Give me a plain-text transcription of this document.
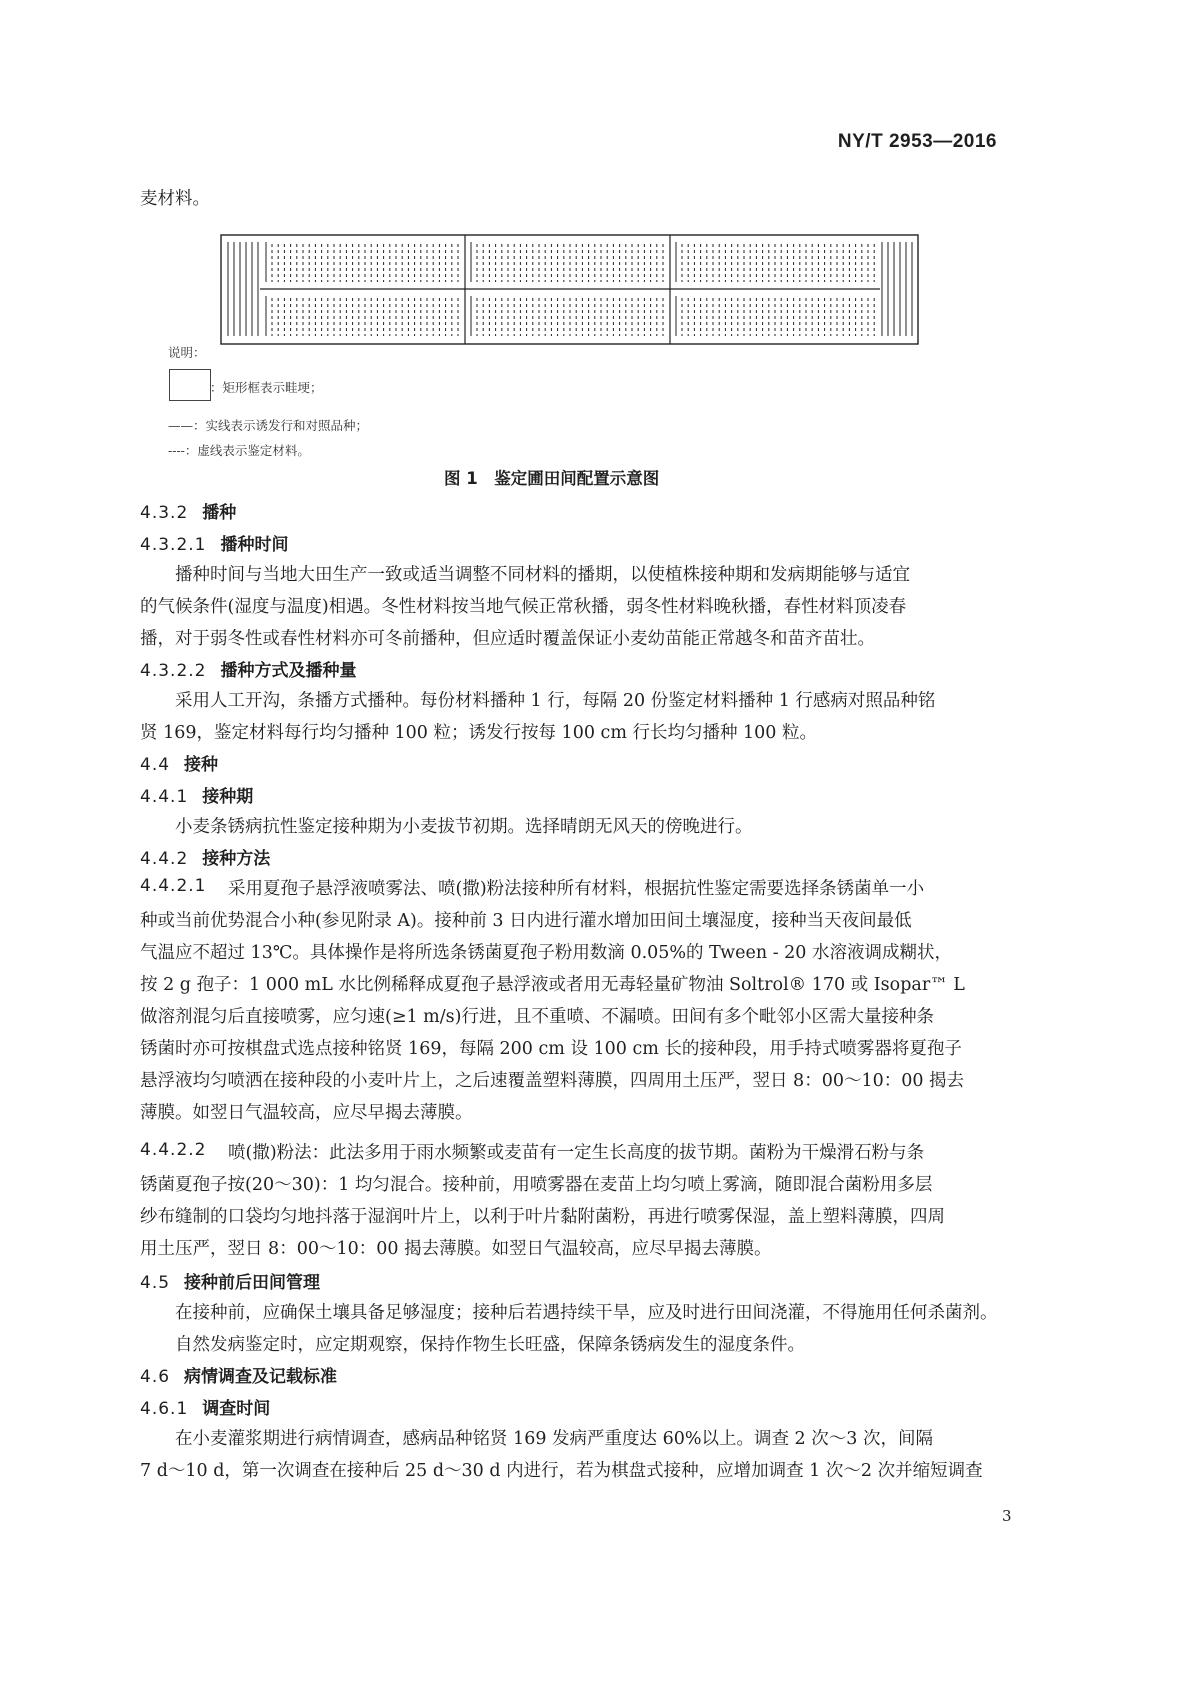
NY/T 2953—2016
麦材料。
说明：
：矩形框表示畦埂；
——：实线表示诱发行和对照品种；
----：虚线表示鉴定材料。
图 1　鉴定圃田间配置示意图
4.3.2 播种
4.3.2.1 播种时间
播种时间与当地大田生产一致或适当调整不同材料的播期，以使植株接种期和发病期能够与适宜
的气候条件(湿度与温度)相遇。冬性材料按当地气候正常秋播，弱冬性材料晚秋播，春性材料顶凌春
播，对于弱冬性或春性材料亦可冬前播种，但应适时覆盖保证小麦幼苗能正常越冬和苗齐苗壮。
4.3.2.2 播种方式及播种量
采用人工开沟，条播方式播种。每份材料播种 1 行，每隔 20 份鉴定材料播种 1 行感病对照品种铭
贤 169，鉴定材料每行均匀播种 100 粒；诱发行按每 100 cm 行长均匀播种 100 粒。
4.4 接种
4.4.1 接种期
小麦条锈病抗性鉴定接种期为小麦拔节初期。选择晴朗无风天的傍晚进行。
4.4.2 接种方法
4.4.2.1	采用夏孢子悬浮液喷雾法、喷(撒)粉法接种所有材料，根据抗性鉴定需要选择条锈菌单一小
种或当前优势混合小种(参见附录 A)。接种前 3 日内进行灌水增加田间土壤湿度，接种当天夜间最低
气温应不超过 13℃。具体操作是将所选条锈菌夏孢子粉用数滴 0.05%的 Tween - 20 水溶液调成糊状，
按 2 g 孢子：1 000 mL 水比例稀释成夏孢子悬浮液或者用无毒轻量矿物油 Soltrol® 170 或 Isopar™ L
做溶剂混匀后直接喷雾，应匀速(≥1 m/s)行进，且不重喷、不漏喷。田间有多个毗邻小区需大量接种条
锈菌时亦可按棋盘式选点接种铭贤 169，每隔 200 cm 设 100 cm 长的接种段，用手持式喷雾器将夏孢子
悬浮液均匀喷洒在接种段的小麦叶片上，之后速覆盖塑料薄膜，四周用土压严，翌日 8：00～10：00 揭去
薄膜。如翌日气温较高，应尽早揭去薄膜。
4.4.2.2	喷(撒)粉法：此法多用于雨水频繁或麦苗有一定生长高度的拔节期。菌粉为干燥滑石粉与条
锈菌夏孢子按(20～30)：1 均匀混合。接种前，用喷雾器在麦苗上均匀喷上雾滴，随即混合菌粉用多层
纱布缝制的口袋均匀地抖落于湿润叶片上，以利于叶片黏附菌粉，再进行喷雾保湿，盖上塑料薄膜，四周
用土压严，翌日 8：00～10：00 揭去薄膜。如翌日气温较高，应尽早揭去薄膜。
4.5 接种前后田间管理
在接种前，应确保土壤具备足够湿度；接种后若遇持续干旱，应及时进行田间浇灌，不得施用任何杀菌剂。
自然发病鉴定时，应定期观察，保持作物生长旺盛，保障条锈病发生的湿度条件。
4.6 病情调查及记载标准
4.6.1 调查时间
在小麦灌浆期进行病情调查，感病品种铭贤 169 发病严重度达 60%以上。调查 2 次～3 次，间隔
7 d～10 d，第一次调查在接种后 25 d～30 d 内进行，若为棋盘式接种，应增加调查 1 次～2 次并缩短调查
3
